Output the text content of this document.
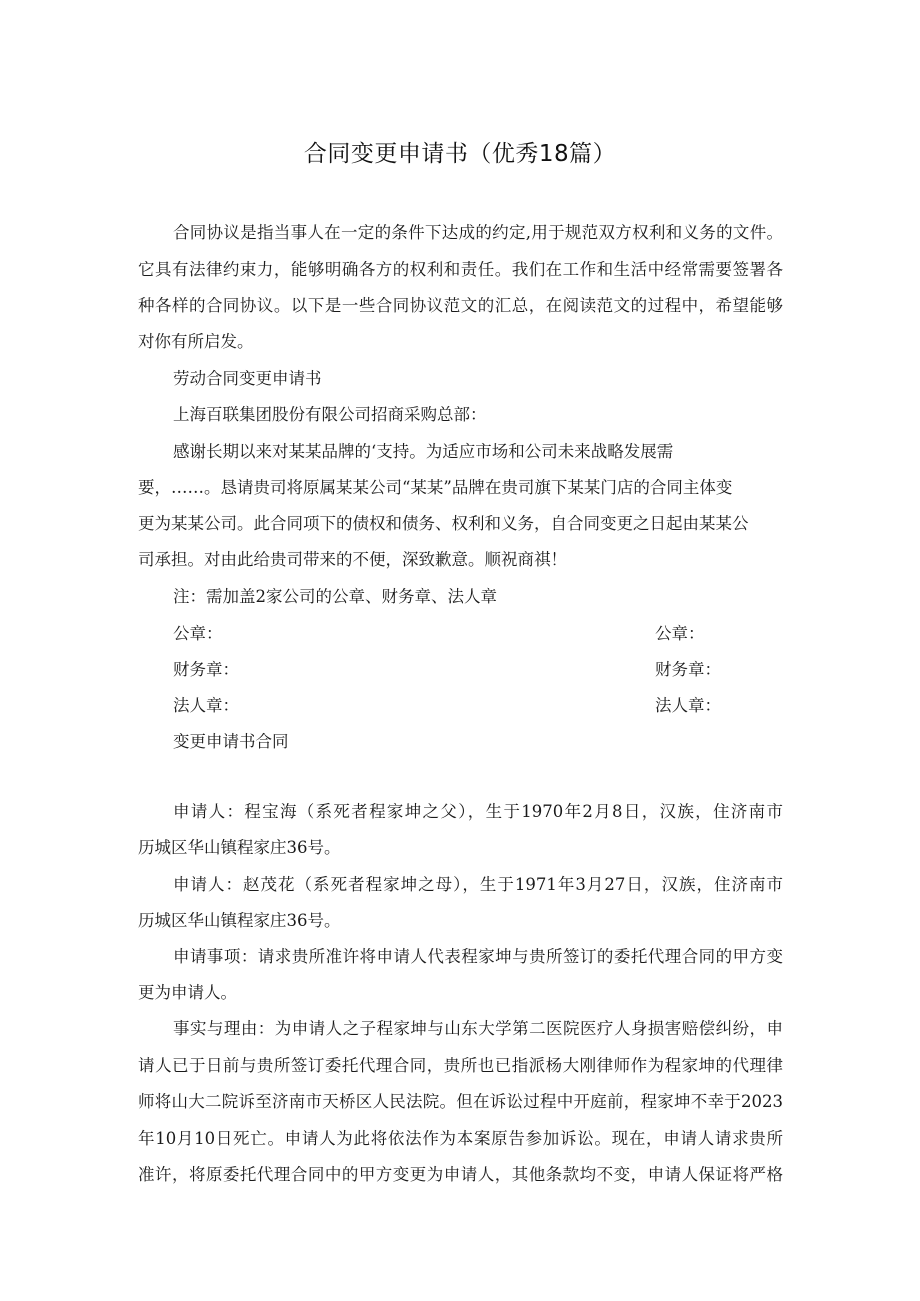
合同变更申请书（优秀18篇）
合同协议是指当事人在一定的条件下达成的约定,用于规范双方权利和义务的文件。
它具有法律约束力，能够明确各方的权利和责任。我们在工作和生活中经常需要签署各
种各样的合同协议。以下是一些合同协议范文的汇总，在阅读范文的过程中，希望能够
对你有所启发。
劳动合同变更申请书
上海百联集团股份有限公司招商采购总部：
感谢长期以来对某某品牌的‘支持。为适应市场和公司未来战略发展需
要，……。恳请贵司将原属某某公司“某某”品牌在贵司旗下某某门店的合同主体变
更为某某公司。此合同项下的债权和债务、权利和义务，自合同变更之日起由某某公
司承担。对由此给贵司带来的不便，深致歉意。顺祝商祺！
注：需加盖2家公司的公章、财务章、法人章
公章：	公章：
财务章：	财务章：
法人章：	法人章：
变更申请书合同
申请人：程宝海（系死者程家坤之父），生于1970年2月8日，汉族，住济南市
历城区华山镇程家庄36号。
申请人：赵茂花（系死者程家坤之母），生于1971年3月27日，汉族，住济南市
历城区华山镇程家庄36号。
申请事项：请求贵所准许将申请人代表程家坤与贵所签订的委托代理合同的甲方变
更为申请人。
事实与理由：为申请人之子程家坤与山东大学第二医院医疗人身损害赔偿纠纷，申
请人已于日前与贵所签订委托代理合同，贵所也已指派杨大刚律师作为程家坤的代理律
师将山大二院诉至济南市天桥区人民法院。但在诉讼过程中开庭前，程家坤不幸于2023
年10月10日死亡。申请人为此将依法作为本案原告参加诉讼。现在，申请人请求贵所
准许，将原委托代理合同中的甲方变更为申请人，其他条款均不变，申请人保证将严格
